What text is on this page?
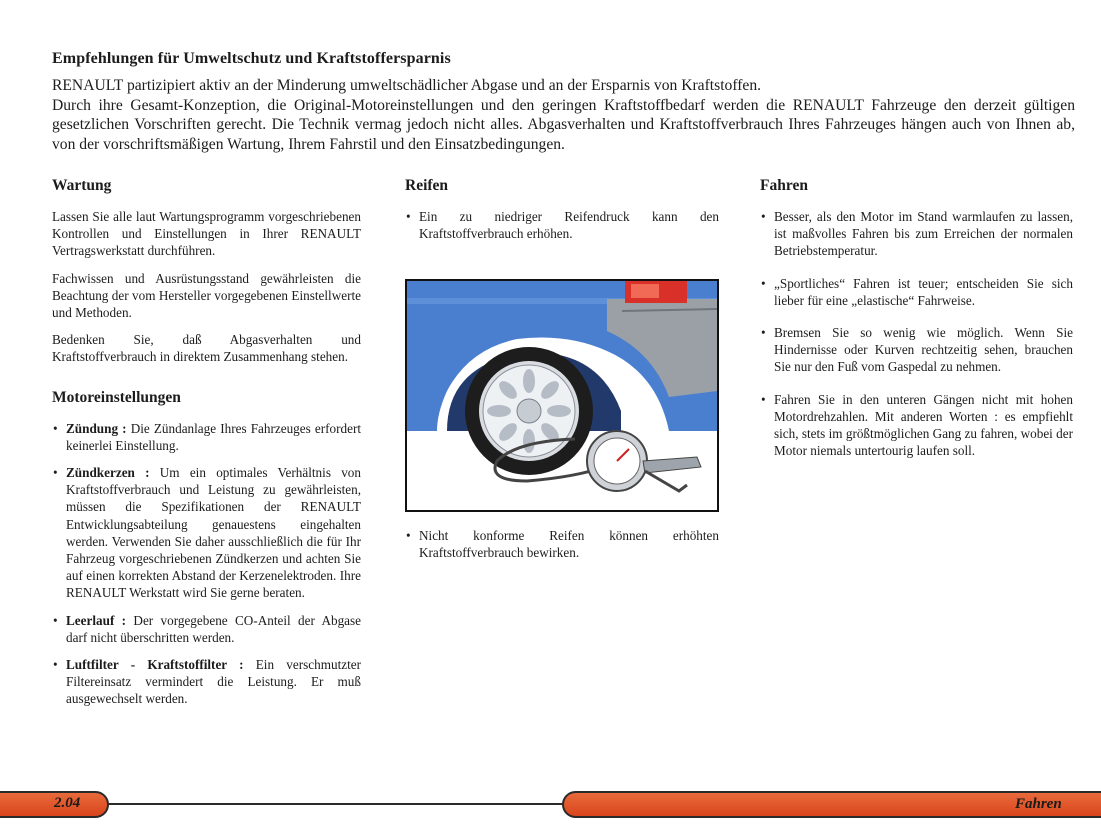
Empfehlungen für Umweltschutz und Kraftstoffersparnis

RENAULT partizipiert aktiv an der Minderung umweltschädlicher Abgase und an der Ersparnis von Kraftstoffen.

Durch ihre Gesamt-Konzeption, die Original-Motoreinstellungen und den geringen Kraftstoffbedarf werden die RENAULT Fahrzeuge den derzeit gültigen gesetzlichen Vorschriften gerecht. Die Technik vermag jedoch nicht alles. Abgasverhalten und Kraftstoffverbrauch Ihres Fahrzeuges hängen auch von Ihnen ab, von der vorschriftsmäßigen Wartung, Ihrem Fahrstil und den Einsatzbedingungen.

Wartung

Lassen Sie alle laut Wartungsprogramm vorgeschriebenen Kontrollen und Einstellungen in Ihrer RENAULT Vertragswerkstatt durchführen.

Fachwissen und Ausrüstungsstand gewährleisten die Beachtung der vom Hersteller vorgegebenen Einstellwerte und Methoden.

Bedenken Sie, daß Abgasverhalten und Kraftstoffverbrauch in direktem Zusammenhang stehen.

Motoreinstellungen
• Zündung : Die Zündanlage Ihres Fahrzeuges erfordert keinerlei Einstellung.
• Zündkerzen : Um ein optimales Verhältnis von Kraftstoffverbrauch und Leistung zu gewährleisten, müssen die Spezifikationen der RENAULT Entwicklungsabteilung genauestens eingehalten werden. Verwenden Sie daher ausschließlich die für Ihr Fahrzeug vorgeschriebenen Zündkerzen und achten Sie auf einen korrekten Abstand der Kerzenelektroden. Ihre RENAULT Werkstatt wird Sie gerne beraten.
• Leerlauf : Der vorgegebene CO-Anteil der Abgase darf nicht überschritten werden.
• Luftfilter - Kraftstoffilter : Ein verschmutzter Filtereinsatz vermindert die Leistung. Er muß ausgewechselt werden.
Reifen
• Ein zu niedriger Reifendruck kann den Kraftstoffverbrauch erhöhen.
• Nicht konforme Reifen können erhöhten Kraftstoffverbrauch bewirken.
Fahren
• Besser, als den Motor im Stand warmlaufen zu lassen, ist maßvolles Fahren bis zum Erreichen der normalen Betriebstemperatur.
• „Sportliches“ Fahren ist teuer; entscheiden Sie sich lieber für eine „elastische“ Fahrweise.
• Bremsen Sie so wenig wie möglich. Wenn Sie Hindernisse oder Kurven rechtzeitig sehen, brauchen Sie nur den Fuß vom Gaspedal zu nehmen.
• Fahren Sie in den unteren Gängen nicht mit hohen Motordrehzahlen. Mit anderen Worten : es empfiehlt sich, stets im größtmöglichen Gang zu fahren, wobei der Motor niemals untertourig laufen soll.
2.04	Fahren
